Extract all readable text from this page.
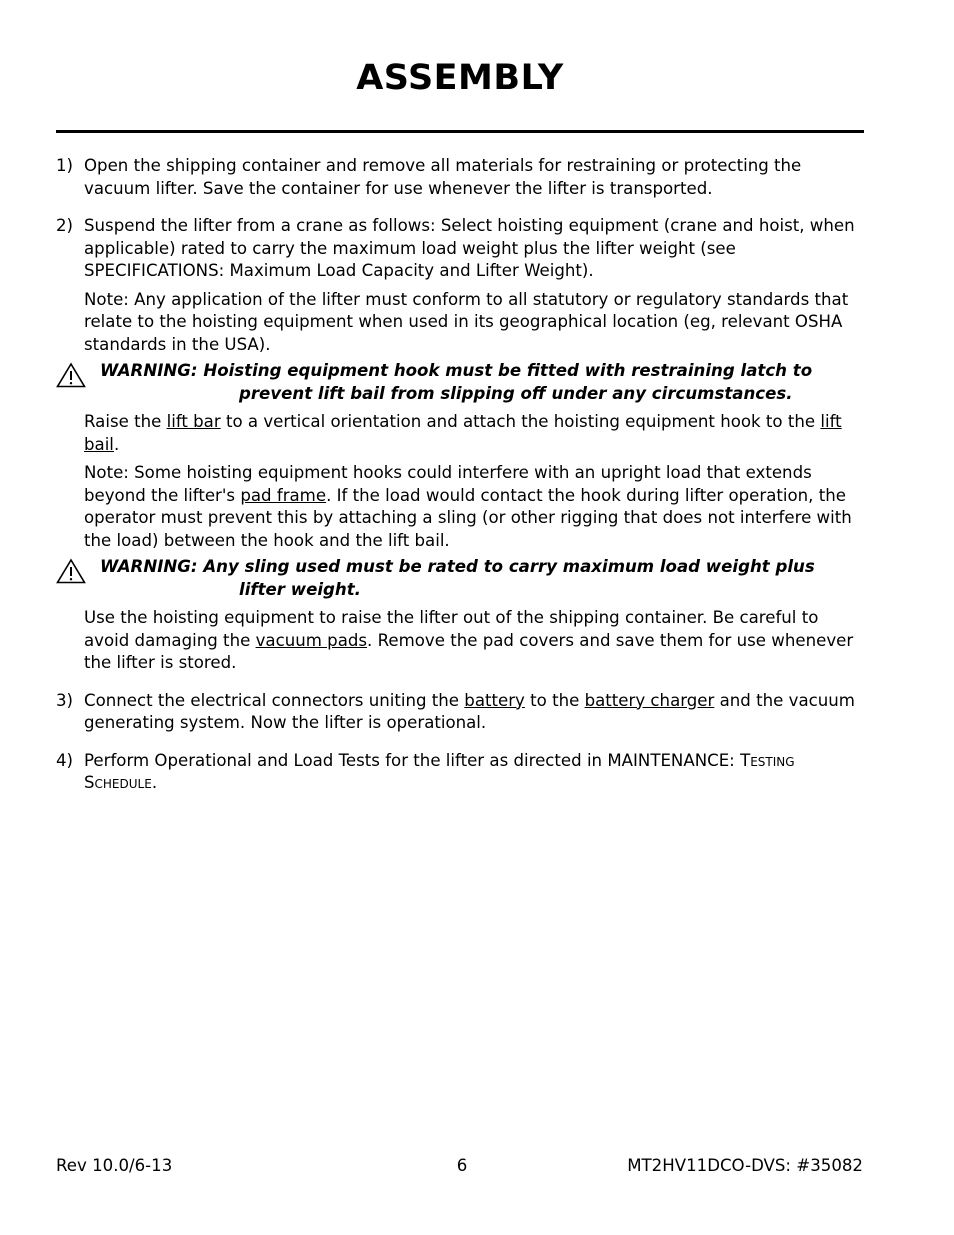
ASSEMBLY
1) Open the shipping container and remove all materials for restraining or protecting the vacuum lifter. Save the container for use whenever the lifter is transported.

2) Suspend the lifter from a crane as follows: Select hoisting equipment (crane and hoist, when applicable) rated to carry the maximum load weight plus the lifter weight (see SPECIFICATIONS: Maximum Load Capacity and Lifter Weight).

Note: Any application of the lifter must conform to all statutory or regulatory standards that relate to the hoisting equipment when used in its geographical location (eg, relevant OSHA standards in the USA).

WARNING: Hoisting equipment hook must be fitted with restraining latch to
prevent lift bail from slipping off under any circumstances.

Raise the lift bar to a vertical orientation and attach the hoisting equipment hook to the lift bail.

Note: Some hoisting equipment hooks could interfere with an upright load that extends beyond the lifter's pad frame. If the load would contact the hook during lifter operation, the operator must prevent this by attaching a sling (or other rigging that does not interfere with the load) between the hook and the lift bail.

WARNING: Any sling used must be rated to carry maximum load weight plus
lifter weight.

Use the hoisting equipment to raise the lifter out of the shipping container. Be careful to avoid damaging the vacuum pads. Remove the pad covers and save them for use whenever the lifter is stored.

3) Connect the electrical connectors uniting the battery to the battery charger and the vacuum generating system. Now the lifter is operational.

4) Perform Operational and Load Tests for the lifter as directed in MAINTENANCE: Testing Schedule.

Rev 10.0/6-13	6	MT2HV11DCO-DVS: #35082
